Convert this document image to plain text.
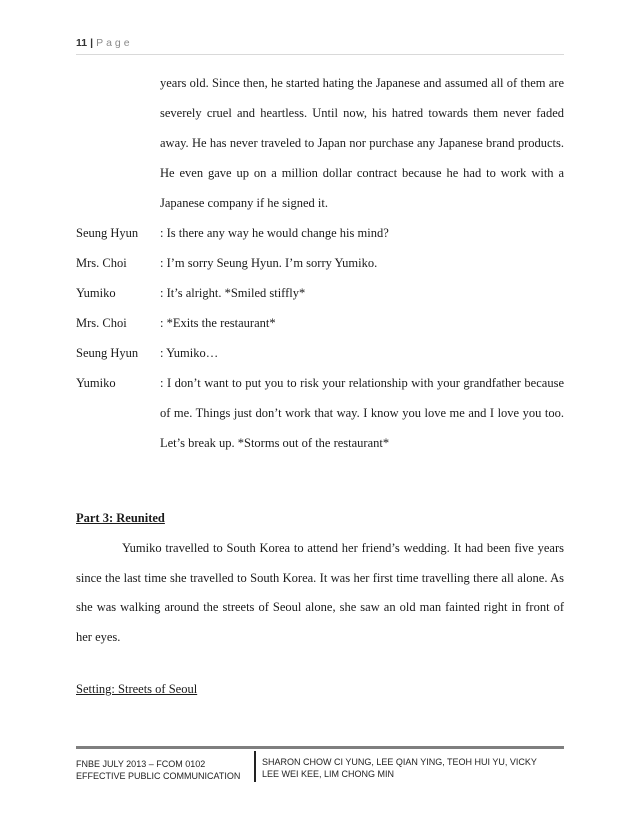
11 | Page

years old. Since then, he started hating the Japanese and assumed all of them are

severely cruel and heartless. Until now, his hatred towards them never faded

away. He has never traveled to Japan nor purchase any Japanese brand products.

He even gave up on a million dollar contract because he had to work with a

Japanese company if he signed it.

Seung Hyun	: Is there any way he would change his mind?
Mrs. Choi	: I’m sorry Seung Hyun. I’m sorry Yumiko.
Yumiko	: It’s alright. *Smiled stiffly*
Mrs. Choi	: *Exits the restaurant*
Seung Hyun	: Yumiko…
Yumiko	: I don’t want to put you to risk your relationship with your grandfather because
of me. Things just don’t work that way. I know you love me and I love you too.
Let’s break up. *Storms out of the restaurant*
Part 3: Reunited
Yumiko travelled to South Korea to attend her friend’s wedding. It had been five years
since the last time she travelled to South Korea. It was her first time travelling there all alone. As
she was walking around the streets of Seoul alone, she saw an old man fainted right in front of
her eyes.
Setting: Streets of Seoul
FNBE JULY 2013 – FCOM 0102
EFFECTIVE PUBLIC COMMUNICATION
SHARON CHOW CI YUNG, LEE QIAN YING, TEOH HUI YU, VICKY
LEE WEI KEE, LIM CHONG MIN
